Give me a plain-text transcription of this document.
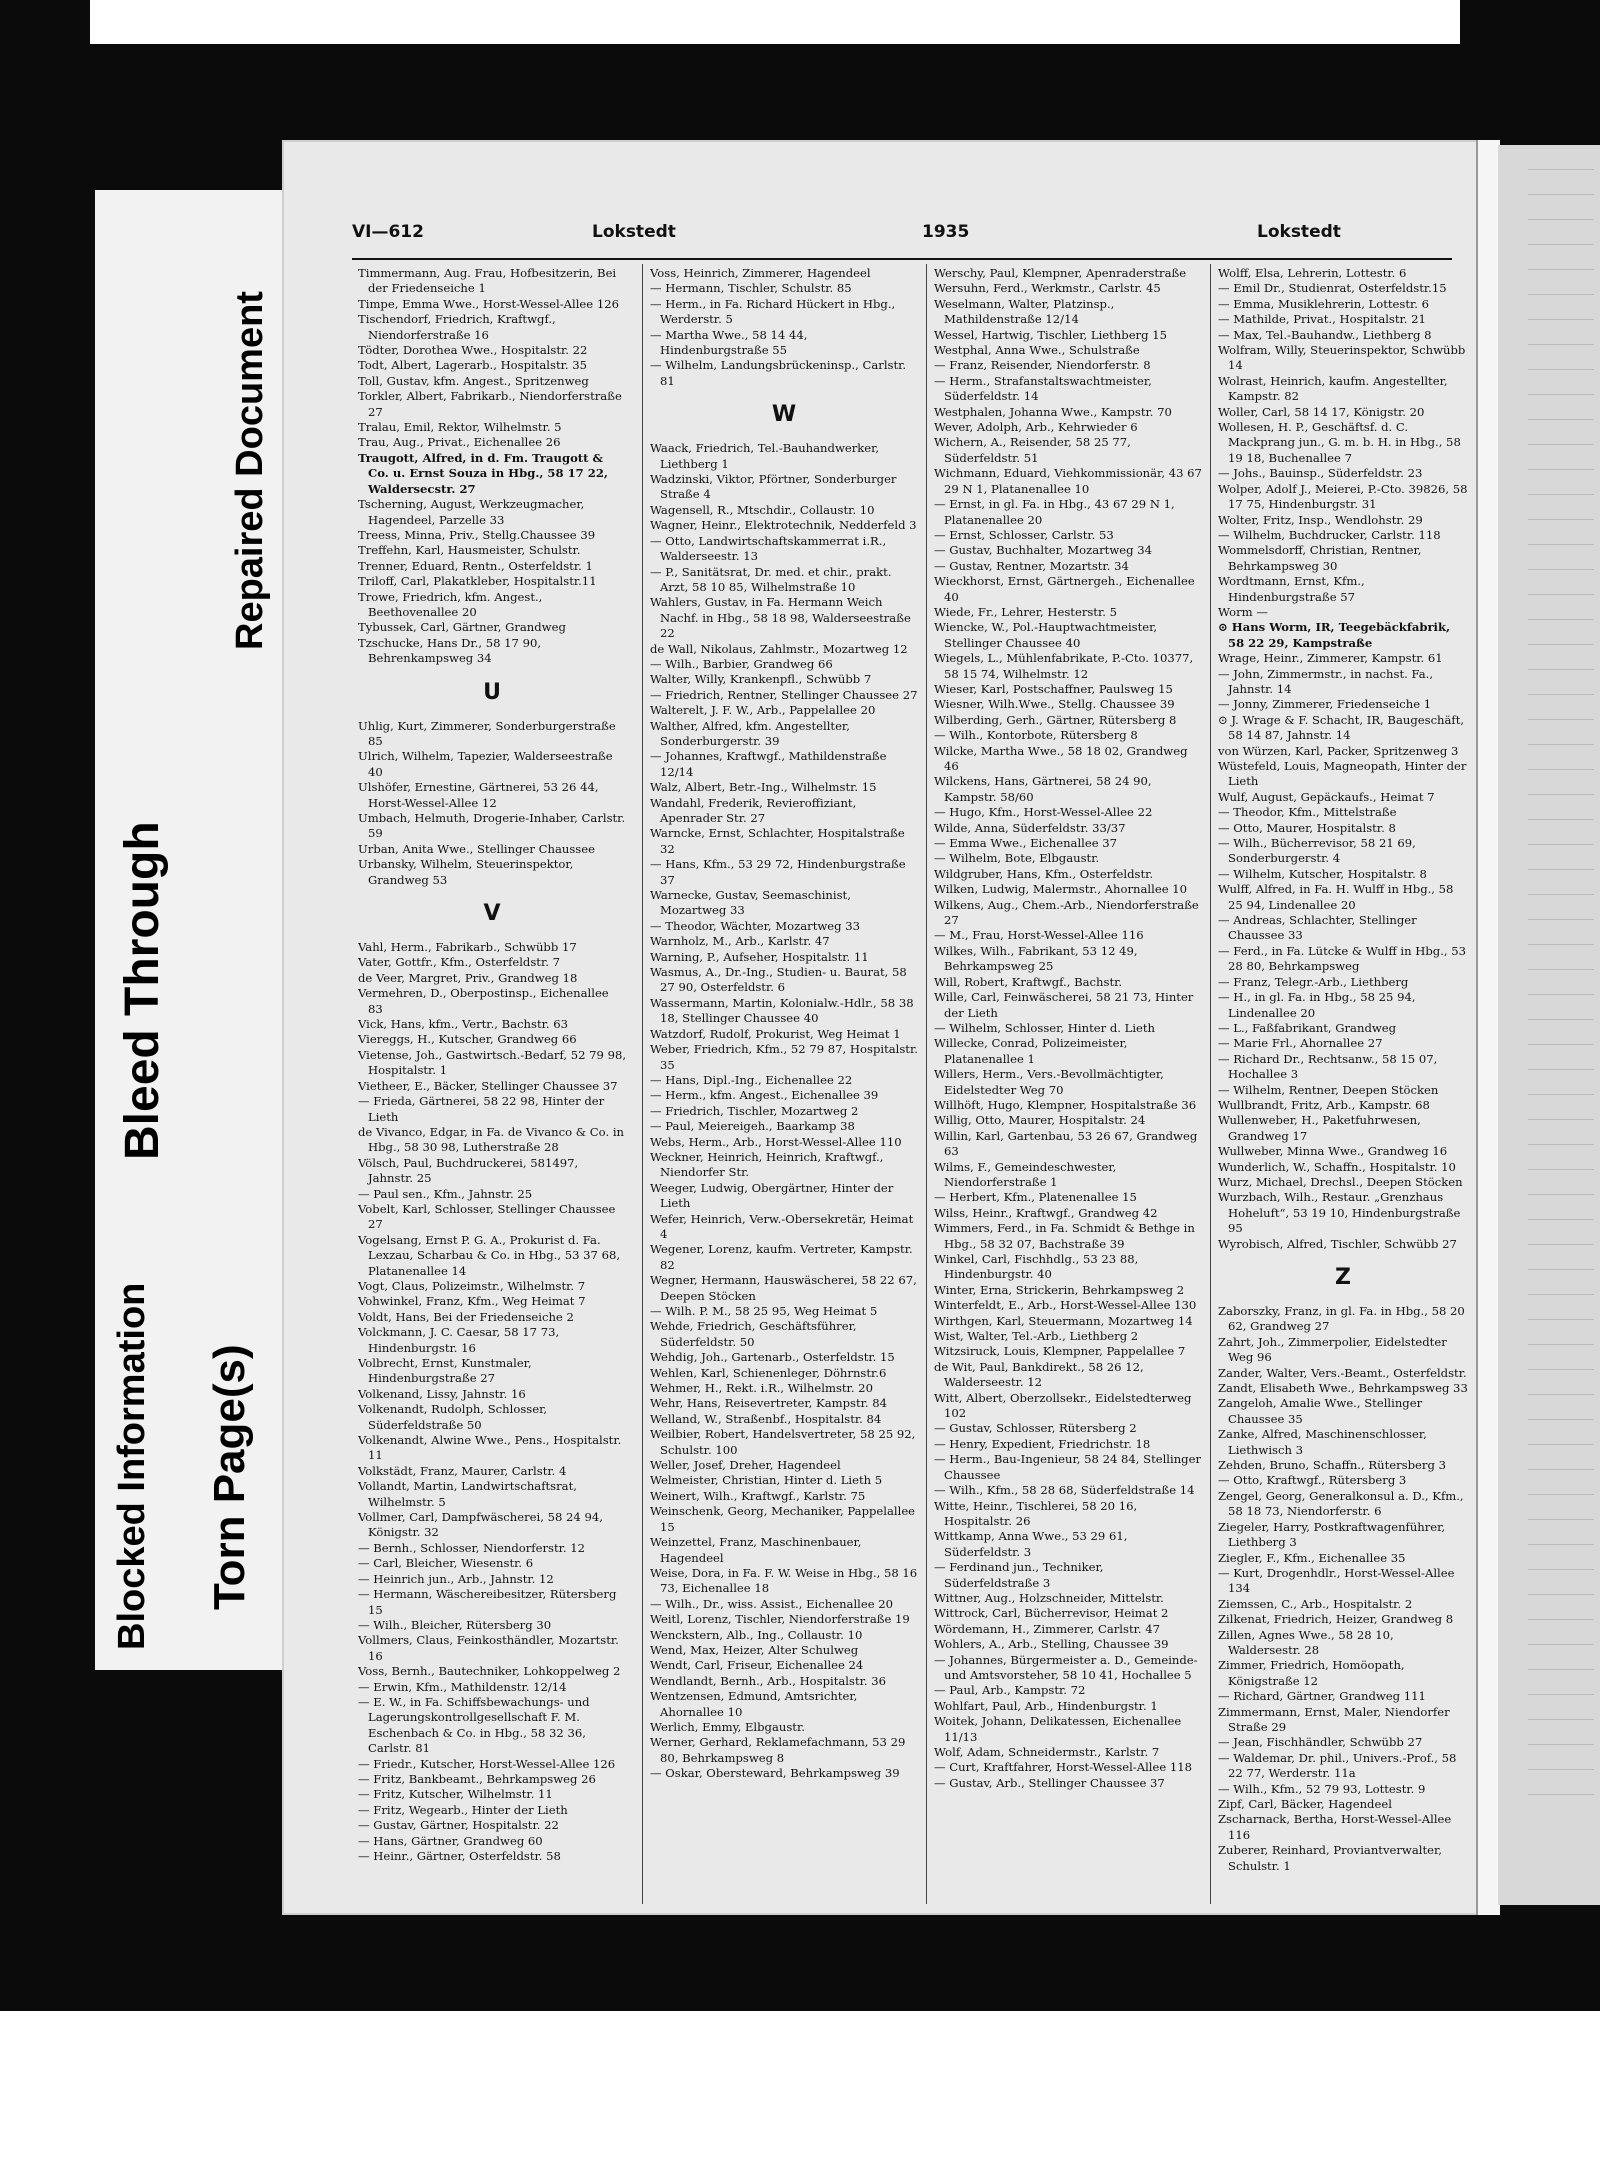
Torn Page(s)
Blocked Information
Bleed Through
Repaired Document
VI—612	Lokstedt	1935	Lokstedt
Timmermann, Aug. Frau, Hofbesitzerin, Bei der Friedenseiche 1
Timpe, Emma Wwe., Horst-Wessel-Allee 126
Tischendorf, Friedrich, Kraftwgf., Niendorferstraße 16
Tödter, Dorothea Wwe., Hospitalstr. 22
Todt, Albert, Lagerarb., Hospitalstr. 35
Toll, Gustav, kfm. Angest., Spritzenweg
Torkler, Albert, Fabrikarb., Niendorferstraße 27
Tralau, Emil, Rektor, Wilhelmstr. 5
Trau, Aug., Privat., Eichenallee 26
Traugott, Alfred, in d. Fm. Traugott & Co. u. Ernst Souza in Hbg., 58 17 22, Waldersecstr. 27
Tscherning, August, Werkzeugmacher, Hagendeel, Parzelle 33
Treess, Minna, Priv., Stellg.Chaussee 39
Treffehn, Karl, Hausmeister, Schulstr.
Trenner, Eduard, Rentn., Osterfeldstr. 1
Triloff, Carl, Plakatkleber, Hospitalstr.11
Trowe, Friedrich, kfm. Angest., Beethovenallee 20
Tybussek, Carl, Gärtner, Grandweg
Tzschucke, Hans Dr., 58 17 90, Behrenkampsweg 34
U
Uhlig, Kurt, Zimmerer, Sonderburgerstraße 85
Ulrich, Wilhelm, Tapezier, Walderseestraße 40
Ulshöfer, Ernestine, Gärtnerei, 53 26 44, Horst-Wessel-Allee 12
Umbach, Helmuth, Drogerie-Inhaber, Carlstr. 59
Urban, Anita Wwe., Stellinger Chaussee
Urbansky, Wilhelm, Steuerinspektor, Grandweg 53
V
Vahl, Herm., Fabrikarb., Schwübb 17
Vater, Gottfr., Kfm., Osterfeldstr. 7
de Veer, Margret, Priv., Grandweg 18
Vermehren, D., Oberpostinsp., Eichenallee 83
Vick, Hans, kfm., Vertr., Bachstr. 63
Viereggs, H., Kutscher, Grandweg 66
Vietense, Joh., Gastwirtsch.-Bedarf, 52 79 98, Hospitalstr. 1
Vietheer, E., Bäcker, Stellinger Chaussee 37
— Frieda, Gärtnerei, 58 22 98, Hinter der Lieth
de Vivanco, Edgar, in Fa. de Vivanco & Co. in Hbg., 58 30 98, Lutherstraße 28
Völsch, Paul, Buchdruckerei, 581497, Jahnstr. 25
— Paul sen., Kfm., Jahnstr. 25
Vobelt, Karl, Schlosser, Stellinger Chaussee 27
Vogelsang, Ernst P. G. A., Prokurist d. Fa. Lexzau, Scharbau & Co. in Hbg., 53 37 68, Platanenallee 14
Vogt, Claus, Polizeimstr., Wilhelmstr. 7
Vohwinkel, Franz, Kfm., Weg Heimat 7
Voldt, Hans, Bei der Friedenseiche 2
Volckmann, J. C. Caesar, 58 17 73, Hindenburgstr. 16
Volbrecht, Ernst, Kunstmaler, Hindenburgstraße 27
Volkenand, Lissy, Jahnstr. 16
Volkenandt, Rudolph, Schlosser, Süderfeldstraße 50
Volkenandt, Alwine Wwe., Pens., Hospitalstr. 11
Volkstädt, Franz, Maurer, Carlstr. 4
Vollandt, Martin, Landwirtschaftsrat, Wilhelmstr. 5
Vollmer, Carl, Dampfwäscherei, 58 24 94, Königstr. 32
— Bernh., Schlosser, Niendorferstr. 12
— Carl, Bleicher, Wiesenstr. 6
— Heinrich jun., Arb., Jahnstr. 12
— Hermann, Wäschereibesitzer, Rütersberg 15
— Wilh., Bleicher, Rütersberg 30
Vollmers, Claus, Feinkosthändler, Mozartstr. 16
Voss, Bernh., Bautechniker, Lohkoppelweg 2
— Erwin, Kfm., Mathildenstr. 12/14
— E. W., in Fa. Schiffsbewachungs- und Lagerungskontrollgesellschaft F. M. Eschenbach & Co. in Hbg., 58 32 36, Carlstr. 81
— Friedr., Kutscher, Horst-Wessel-Allee 126
— Fritz, Bankbeamt., Behrkampsweg 26
— Fritz, Kutscher, Wilhelmstr. 11
— Fritz, Wegearb., Hinter der Lieth
— Gustav, Gärtner, Hospitalstr. 22
— Hans, Gärtner, Grandweg 60
— Heinr., Gärtner, Osterfeldstr. 58
Voss, Heinrich, Zimmerer, Hagendeel
— Hermann, Tischler, Schulstr. 85
— Herm., in Fa. Richard Hückert in Hbg., Werderstr. 5
— Martha Wwe., 58 14 44, Hindenburgstraße 55
— Wilhelm, Landungsbrückeninsp., Carlstr. 81
W
Waack, Friedrich, Tel.-Bauhandwerker, Liethberg 1
Wadzinski, Viktor, Pförtner, Sonderburger Straße 4
Wagensell, R., Mtschdir., Collaustr. 10
Wagner, Heinr., Elektrotechnik, Nedderfeld 3
— Otto, Landwirtschaftskammerrat i.R., Walderseestr. 13
— P., Sanitätsrat, Dr. med. et chir., prakt. Arzt, 58 10 85, Wilhelmstraße 10
Wahlers, Gustav, in Fa. Hermann Weich Nachf. in Hbg., 58 18 98, Walderseestraße 22
de Wall, Nikolaus, Zahlmstr., Mozartweg 12
— Wilh., Barbier, Grandweg 66
Walter, Willy, Krankenpfl., Schwübb 7
— Friedrich, Rentner, Stellinger Chaussee 27
Walterelt, J. F. W., Arb., Pappelallee 20
Walther, Alfred, kfm. Angestellter, Sonderburgerstr. 39
— Johannes, Kraftwgf., Mathildenstraße 12/14
Walz, Albert, Betr.-Ing., Wilhelmstr. 15
Wandahl, Frederik, Revieroffiziant, Apenrader Str. 27
Warncke, Ernst, Schlachter, Hospitalstraße 32
— Hans, Kfm., 53 29 72, Hindenburgstraße 37
Warnecke, Gustav, Seemaschinist, Mozartweg 33
— Theodor, Wächter, Mozartweg 33
Warnholz, M., Arb., Karlstr. 47
Warning, P., Aufseher, Hospitalstr. 11
Wasmus, A., Dr.-Ing., Studien- u. Baurat, 58 27 90, Osterfeldstr. 6
Wassermann, Martin, Kolonialw.-Hdlr., 58 38 18, Stellinger Chaussee 40
Watzdorf, Rudolf, Prokurist, Weg Heimat 1
Weber, Friedrich, Kfm., 52 79 87, Hospitalstr. 35
— Hans, Dipl.-Ing., Eichenallee 22
— Herm., kfm. Angest., Eichenallee 39
— Friedrich, Tischler, Mozartweg 2
— Paul, Meiereigeh., Baarkamp 38
Webs, Herm., Arb., Horst-Wessel-Allee 110
Weckner, Heinrich, Heinrich, Kraftwgf., Niendorfer Str.
Weeger, Ludwig, Obergärtner, Hinter der Lieth
Wefer, Heinrich, Verw.-Obersekretär, Heimat 4
Wegener, Lorenz, kaufm. Vertreter, Kampstr. 82
Wegner, Hermann, Hauswäscherei, 58 22 67, Deepen Stöcken
— Wilh. P. M., 58 25 95, Weg Heimat 5
Wehde, Friedrich, Geschäftsführer, Süderfeldstr. 50
Wehdig, Joh., Gartenarb., Osterfeldstr. 15
Wehlen, Karl, Schienenleger, Döhrnstr.6
Wehmer, H., Rekt. i.R., Wilhelmstr. 20
Wehr, Hans, Reisevertreter, Kampstr. 84
Welland, W., Straßenbf., Hospitalstr. 84
Weilbier, Robert, Handelsvertreter, 58 25 92, Schulstr. 100
Weller, Josef, Dreher, Hagendeel
Welmeister, Christian, Hinter d. Lieth 5
Weinert, Wilh., Kraftwgf., Karlstr. 75
Weinschenk, Georg, Mechaniker, Pappelallee 15
Weinzettel, Franz, Maschinenbauer, Hagendeel
Weise, Dora, in Fa. F. W. Weise in Hbg., 58 16 73, Eichenallee 18
— Wilh., Dr., wiss. Assist., Eichenallee 20
Weitl, Lorenz, Tischler, Niendorferstraße 19
Wenckstern, Alb., Ing., Collaustr. 10
Wend, Max, Heizer, Alter Schulweg
Wendt, Carl, Friseur, Eichenallee 24
Wendlandt, Bernh., Arb., Hospitalstr. 36
Wentzensen, Edmund, Amtsrichter, Ahornallee 10
Werlich, Emmy, Elbgaustr.
Werner, Gerhard, Reklamefachmann, 53 29 80, Behrkampsweg 8
— Oskar, Obersteward, Behrkampsweg 39
Werschy, Paul, Klempner, Apenraderstraße
Wersuhn, Ferd., Werkmstr., Carlstr. 45
Weselmann, Walter, Platzinsp., Mathildenstraße 12/14
Wessel, Hartwig, Tischler, Liethberg 15
Westphal, Anna Wwe., Schulstraße
— Franz, Reisender, Niendorferstr. 8
— Herm., Strafanstaltswachtmeister, Süderfeldstr. 14
Westphalen, Johanna Wwe., Kampstr. 70
Wever, Adolph, Arb., Kehrwieder 6
Wichern, A., Reisender, 58 25 77, Süderfeldstr. 51
Wichmann, Eduard, Viehkommissionär, 43 67 29 N 1, Platanenallee 10
— Ernst, in gl. Fa. in Hbg., 43 67 29 N 1, Platanenallee 20
— Ernst, Schlosser, Carlstr. 53
— Gustav, Buchhalter, Mozartweg 34
— Gustav, Rentner, Mozartstr. 34
Wieckhorst, Ernst, Gärtnergeh., Eichenallee 40
Wiede, Fr., Lehrer, Hesterstr. 5
Wiencke, W., Pol.-Hauptwachtmeister, Stellinger Chaussee 40
Wiegels, L., Mühlenfabrikate, P.-Cto. 10377, 58 15 74, Wilhelmstr. 12
Wieser, Karl, Postschaffner, Paulsweg 15
Wiesner, Wilh.Wwe., Stellg. Chaussee 39
Wilberding, Gerh., Gärtner, Rütersberg 8
— Wilh., Kontorbote, Rütersberg 8
Wilcke, Martha Wwe., 58 18 02, Grandweg 46
Wilckens, Hans, Gärtnerei, 58 24 90, Kampstr. 58/60
— Hugo, Kfm., Horst-Wessel-Allee 22
Wilde, Anna, Süderfeldstr. 33/37
— Emma Wwe., Eichenallee 37
— Wilhelm, Bote, Elbgaustr.
Wildgruber, Hans, Kfm., Osterfeldstr.
Wilken, Ludwig, Malermstr., Ahornallee 10
Wilkens, Aug., Chem.-Arb., Niendorferstraße 27
— M., Frau, Horst-Wessel-Allee 116
Wilkes, Wilh., Fabrikant, 53 12 49, Behrkampsweg 25
Will, Robert, Kraftwgf., Bachstr.
Wille, Carl, Feinwäscherei, 58 21 73, Hinter der Lieth
— Wilhelm, Schlosser, Hinter d. Lieth
Willecke, Conrad, Polizeimeister, Platanenallee 1
Willers, Herm., Vers.-Bevollmächtigter, Eidelstedter Weg 70
Willhöft, Hugo, Klempner, Hospitalstraße 36
Willig, Otto, Maurer, Hospitalstr. 24
Willin, Karl, Gartenbau, 53 26 67, Grandweg 63
Wilms, F., Gemeindeschwester, Niendorferstraße 1
— Herbert, Kfm., Platenenallee 15
Wilss, Heinr., Kraftwgf., Grandweg 42
Wimmers, Ferd., in Fa. Schmidt & Bethge in Hbg., 58 32 07, Bachstraße 39
Winkel, Carl, Fischhdlg., 53 23 88, Hindenburgstr. 40
Winter, Erna, Strickerin, Behrkampsweg 2
Winterfeldt, E., Arb., Horst-Wessel-Allee 130
Wirthgen, Karl, Steuermann, Mozartweg 14
Wist, Walter, Tel.-Arb., Liethberg 2
Witzsiruck, Louis, Klempner, Pappelallee 7
de Wit, Paul, Bankdirekt., 58 26 12, Walderseestr. 12
Witt, Albert, Oberzollsekr., Eidelstedterweg 102
— Gustav, Schlosser, Rütersberg 2
— Henry, Expedient, Friedrichstr. 18
— Herm., Bau-Ingenieur, 58 24 84, Stellinger Chaussee
— Wilh., Kfm., 58 28 68, Süderfeldstraße 14
Witte, Heinr., Tischlerei, 58 20 16, Hospitalstr. 26
Wittkamp, Anna Wwe., 53 29 61, Süderfeldstr. 3
— Ferdinand jun., Techniker, Süderfeldstraße 3
Wittner, Aug., Holzschneider, Mittelstr.
Wittrock, Carl, Bücherrevisor, Heimat 2
Wördemann, H., Zimmerer, Carlstr. 47
Wohlers, A., Arb., Stelling, Chaussee 39
— Johannes, Bürgermeister a. D., Gemeinde- und Amtsvorsteher, 58 10 41, Hochallee 5
— Paul, Arb., Kampstr. 72
Wohlfart, Paul, Arb., Hindenburgstr. 1
Woitek, Johann, Delikatessen, Eichenallee 11/13
Wolf, Adam, Schneidermstr., Karlstr. 7
— Curt, Kraftfahrer, Horst-Wessel-Allee 118
— Gustav, Arb., Stellinger Chaussee 37
Wolff, Elsa, Lehrerin, Lottestr. 6
— Emil Dr., Studienrat, Osterfeldstr.15
— Emma, Musiklehrerin, Lottestr. 6
— Mathilde, Privat., Hospitalstr. 21
— Max, Tel.-Bauhandw., Liethberg 8
Wolfram, Willy, Steuerinspektor, Schwübb 14
Wolrast, Heinrich, kaufm. Angestellter, Kampstr. 82
Woller, Carl, 58 14 17, Königstr. 20
Wollesen, H. P., Geschäftsf. d. C. Mackprang jun., G. m. b. H. in Hbg., 58 19 18, Buchenallee 7
— Johs., Bauinsp., Süderfeldstr. 23
Wolper, Adolf J., Meierei, P.-Cto. 39826, 58 17 75, Hindenburgstr. 31
Wolter, Fritz, Insp., Wendlohstr. 29
— Wilhelm, Buchdrucker, Carlstr. 118
Wommelsdorff, Christian, Rentner, Behrkampsweg 30
Wordtmann, Ernst, Kfm., Hindenburgstraße 57
Worm —
⊙ Hans Worm, IR, Teegebäckfabrik, 58 22 29, Kampstraße
Wrage, Heinr., Zimmerer, Kampstr. 61
— John, Zimmermstr., in nachst. Fa., Jahnstr. 14
— Jonny, Zimmerer, Friedenseiche 1
⊙ J. Wrage & F. Schacht, IR, Baugeschäft, 58 14 87, Jahnstr. 14
von Würzen, Karl, Packer, Spritzenweg 3
Wüstefeld, Louis, Magneopath, Hinter der Lieth
Wulf, August, Gepäckaufs., Heimat 7
— Theodor, Kfm., Mittelstraße
— Otto, Maurer, Hospitalstr. 8
— Wilh., Bücherrevisor, 58 21 69, Sonderburgerstr. 4
— Wilhelm, Kutscher, Hospitalstr. 8
Wulff, Alfred, in Fa. H. Wulff in Hbg., 58 25 94, Lindenallee 20
— Andreas, Schlachter, Stellinger Chaussee 33
— Ferd., in Fa. Lütcke & Wulff in Hbg., 53 28 80, Behrkampsweg
— Franz, Telegr.-Arb., Liethberg
— H., in gl. Fa. in Hbg., 58 25 94, Lindenallee 20
— L., Faßfabrikant, Grandweg
— Marie Frl., Ahornallee 27
— Richard Dr., Rechtsanw., 58 15 07, Hochallee 3
— Wilhelm, Rentner, Deepen Stöcken
Wullbrandt, Fritz, Arb., Kampstr. 68
Wullenweber, H., Paketfuhrwesen, Grandweg 17
Wullweber, Minna Wwe., Grandweg 16
Wunderlich, W., Schaffn., Hospitalstr. 10
Wurz, Michael, Drechsl., Deepen Stöcken
Wurzbach, Wilh., Restaur. „Grenzhaus Hoheluft“, 53 19 10, Hindenburgstraße 95
Wyrobisch, Alfred, Tischler, Schwübb 27
Z
Zaborszky, Franz, in gl. Fa. in Hbg., 58 20 62, Grandweg 27
Zahrt, Joh., Zimmerpolier, Eidelstedter Weg 96
Zander, Walter, Vers.-Beamt., Osterfeldstr.
Zandt, Elisabeth Wwe., Behrkampsweg 33
Zangeloh, Amalie Wwe., Stellinger Chaussee 35
Zanke, Alfred, Maschinenschlosser, Liethwisch 3
Zehden, Bruno, Schaffn., Rütersberg 3
— Otto, Kraftwgf., Rütersberg 3
Zengel, Georg, Generalkonsul a. D., Kfm., 58 18 73, Niendorferstr. 6
Ziegeler, Harry, Postkraftwagenführer, Liethberg 3
Ziegler, F., Kfm., Eichenallee 35
— Kurt, Drogenhdlr., Horst-Wessel-Allee 134
Ziemssen, C., Arb., Hospitalstr. 2
Zilkenat, Friedrich, Heizer, Grandweg 8
Zillen, Agnes Wwe., 58 28 10, Waldersestr. 28
Zimmer, Friedrich, Homöopath, Königstraße 12
— Richard, Gärtner, Grandweg 111
Zimmermann, Ernst, Maler, Niendorfer Straße 29
— Jean, Fischhändler, Schwübb 27
— Waldemar, Dr. phil., Univers.-Prof., 58 22 77, Werderstr. 11a
— Wilh., Kfm., 52 79 93, Lottestr. 9
Zipf, Carl, Bäcker, Hagendeel
Zscharnack, Bertha, Horst-Wessel-Allee 116
Zuberer, Reinhard, Proviantverwalter, Schulstr. 1
